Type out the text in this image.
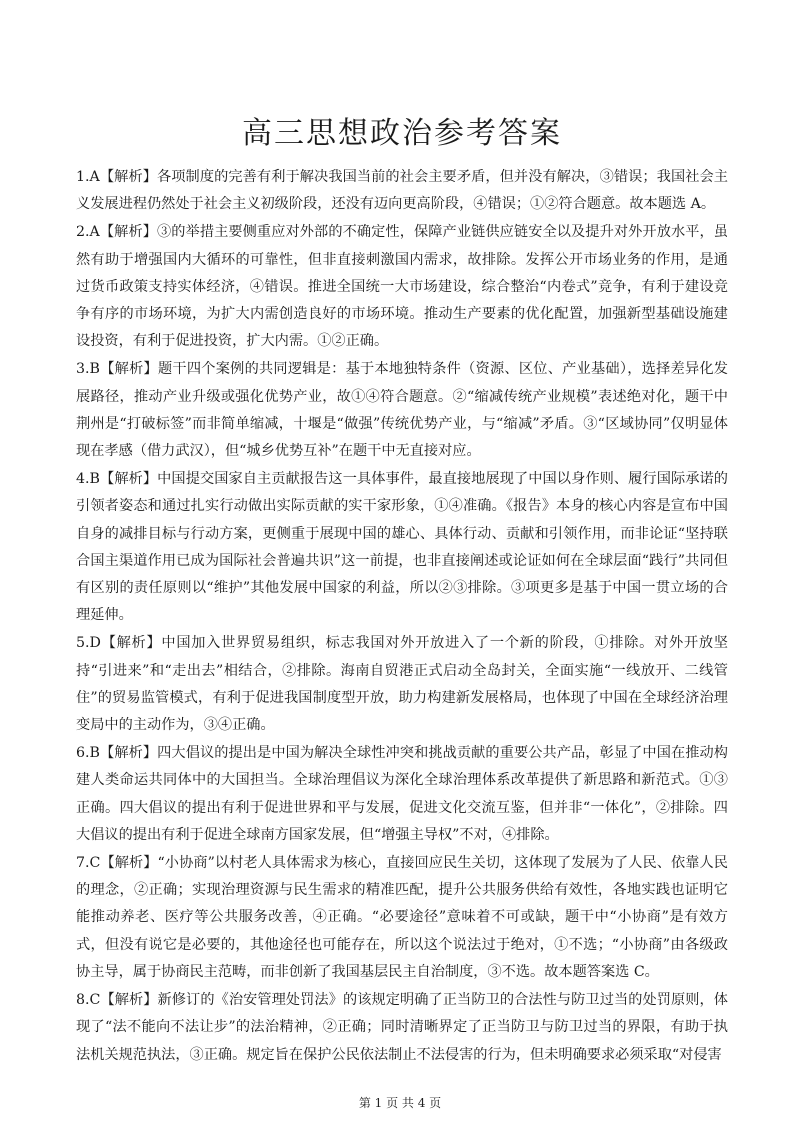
高三思想政治参考答案

1.A【解析】各项制度的完善有利于解决我国当前的社会主要矛盾，但并没有解决，③错误；我国社会主义发展进程仍然处于社会主义初级阶段，还没有迈向更高阶段，④错误；①②符合题意。故本题选 A。

2.A【解析】③的举措主要侧重应对外部的不确定性，保障产业链供应链安全以及提升对外开放水平，虽然有助于增强国内大循环的可靠性，但非直接刺激国内需求，故排除。发挥公开市场业务的作用，是通过货币政策支持实体经济，④错误。推进全国统一大市场建设，综合整治“内卷式”竞争，有利于建设竞争有序的市场环境，为扩大内需创造良好的市场环境。推动生产要素的优化配置，加强新型基础设施建设投资，有利于促进投资，扩大内需。①②正确。

3.B【解析】题干四个案例的共同逻辑是：基于本地独特条件（资源、区位、产业基础），选择差异化发展路径，推动产业升级或强化优势产业，故①④符合题意。②“缩减传统产业规模”表述绝对化，题干中荆州是“打破标签”而非简单缩减，十堰是“做强”传统优势产业，与“缩减”矛盾。③“区域协同”仅明显体现在孝感（借力武汉），但“城乡优势互补”在题干中无直接对应。

4.B【解析】中国提交国家自主贡献报告这一具体事件，最直接地展现了中国以身作则、履行国际承诺的引领者姿态和通过扎实行动做出实际贡献的实干家形象，①④准确。《报告》本身的核心内容是宣布中国自身的减排目标与行动方案，更侧重于展现中国的雄心、具体行动、贡献和引领作用，而非论证“坚持联合国主渠道作用已成为国际社会普遍共识”这一前提，也非直接阐述或论证如何在全球层面“践行”共同但有区别的责任原则以“维护”其他发展中国家的利益，所以②③排除。③项更多是基于中国一贯立场的合理延伸。

5.D【解析】中国加入世界贸易组织，标志我国对外开放进入了一个新的阶段，①排除。对外开放坚持“引进来”和“走出去”相结合，②排除。海南自贸港正式启动全岛封关，全面实施“一线放开、二线管住”的贸易监管模式，有利于促进我国制度型开放，助力构建新发展格局，也体现了中国在全球经济治理变局中的主动作为，③④正确。

6.B【解析】四大倡议的提出是中国为解决全球性冲突和挑战贡献的重要公共产品，彰显了中国在推动构建人类命运共同体中的大国担当。全球治理倡议为深化全球治理体系改革提供了新思路和新范式。①③正确。四大倡议的提出有利于促进世界和平与发展，促进文化交流互鉴，但并非“一体化”，②排除。四大倡议的提出有利于促进全球南方国家发展，但“增强主导权”不对，④排除。

7.C【解析】“小协商”以村老人具体需求为核心，直接回应民生关切，这体现了发展为了人民、依靠人民的理念，②正确；实现治理资源与民生需求的精准匹配，提升公共服务供给有效性，各地实践也证明它能推动养老、医疗等公共服务改善，④正确。“必要途径”意味着不可或缺，题干中“小协商”是有效方式，但没有说它是必要的，其他途径也可能存在，所以这个说法过于绝对，①不选；“小协商”由各级政协主导，属于协商民主范畴，而非创新了我国基层民主自治制度，③不选。故本题答案选 C。

8.C【解析】新修订的《治安管理处罚法》的该规定明确了正当防卫的合法性与防卫过当的处罚原则，体现了“法不能向不法让步”的法治精神，②正确；同时清晰界定了正当防卫与防卫过当的界限，有助于执法机关规范执法，③正确。规定旨在保护公民依法制止不法侵害的行为，但未明确要求必须采取“对侵害

第 1 页 共 4 页
